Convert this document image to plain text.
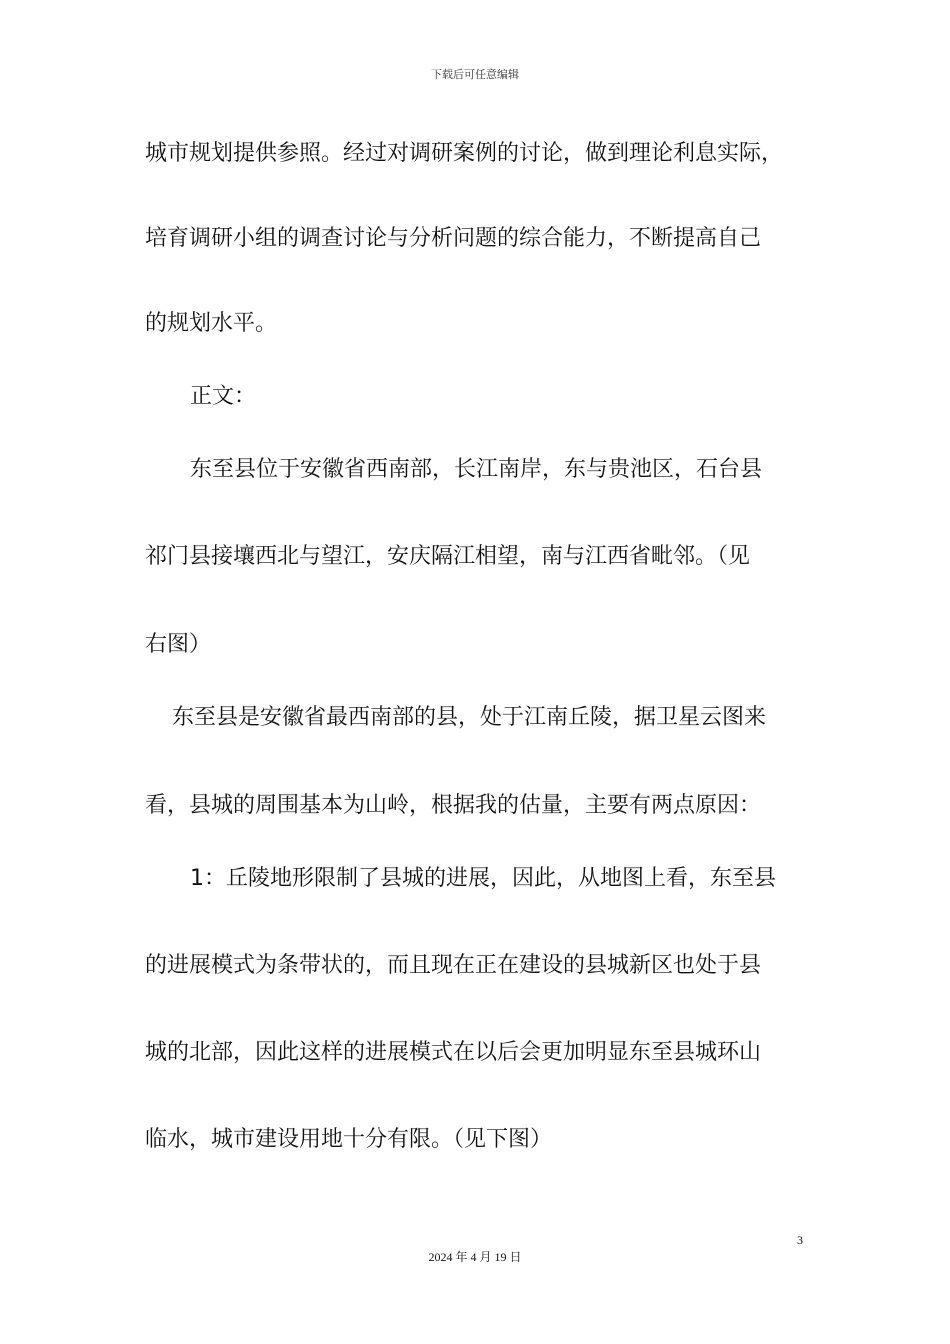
下载后可任意编辑
城市规划提供参照。经过对调研案例的讨论，做到理论利息实际，
培育调研小组的调查讨论与分析问题的综合能力，不断提高自己
的规划水平。
正文：
东至县位于安徽省西南部，长江南岸，东与贵池区，石台县
祁门县接壤西北与望江，安庆隔江相望，南与江西省毗邻。（见
右图）
东至县是安徽省最西南部的县，处于江南丘陵，据卫星云图来
看，县城的周围基本为山岭，根据我的估量，主要有两点原因：
1：丘陵地形限制了县城的进展，因此，从地图上看，东至县
的进展模式为条带状的，而且现在正在建设的县城新区也处于县
城的北部，因此这样的进展模式在以后会更加明显东至县城环山
临水，城市建设用地十分有限。（见下图）
3
2024 年 4 月 19 日
